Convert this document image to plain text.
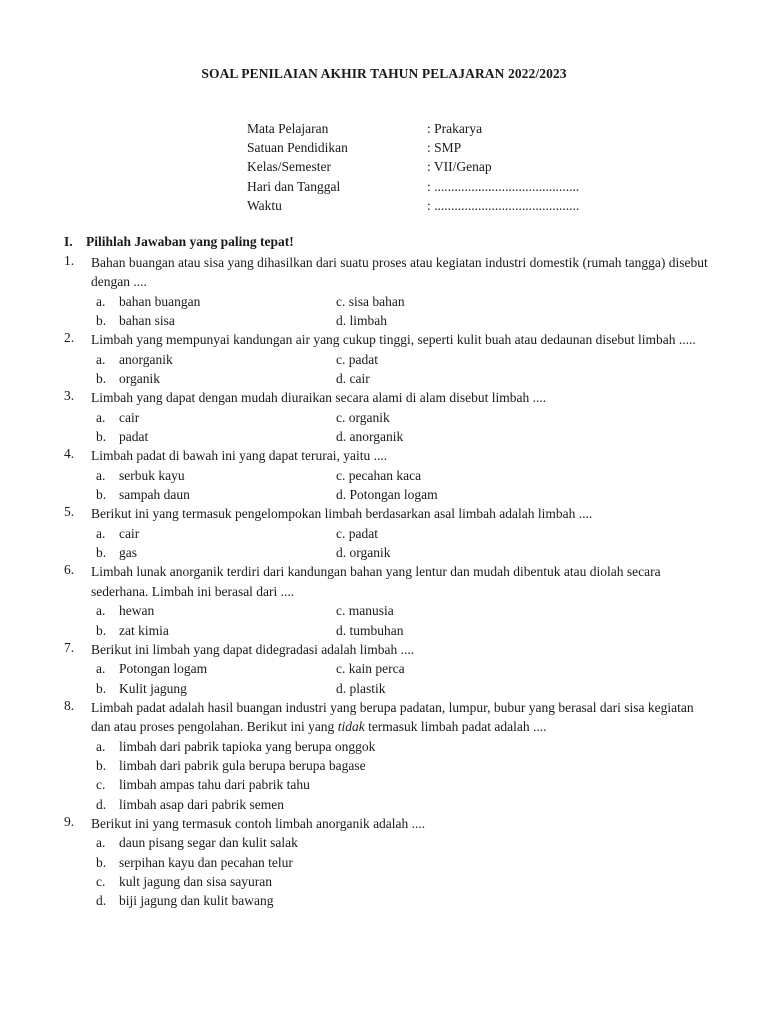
SOAL PENILAIAN AKHIR TAHUN PELAJARAN 2022/2023
Mata Pelajaran	: Prakarya
Satuan Pendidikan	: SMP
Kelas/Semester	: VII/Genap
Hari dan Tanggal	: ...........................................
Waktu	: ...........................................
I. Pilihlah Jawaban yang paling tepat!
1. Bahan buangan atau sisa yang dihasilkan dari suatu proses atau kegiatan industri domestik (rumah tangga) disebut dengan ....
a. bahan buangan	c. sisa bahan
b. bahan sisa	d. limbah
2. Limbah yang mempunyai kandungan air yang cukup tinggi, seperti kulit buah atau dedaunan disebut limbah .....
a. anorganik	c. padat
b. organik	d. cair
3. Limbah yang dapat dengan mudah diuraikan secara alami di alam disebut limbah ....
a. cair	c. organik
b. padat	d. anorganik
4. Limbah padat di bawah ini yang dapat terurai, yaitu ....
a. serbuk kayu	c. pecahan kaca
b. sampah daun	d. Potongan logam
5. Berikut ini yang termasuk pengelompokan limbah berdasarkan asal limbah adalah limbah ....
a. cair	c. padat
b. gas	d. organik
6. Limbah lunak anorganik terdiri dari kandungan bahan yang lentur dan mudah dibentuk atau diolah secara sederhana. Limbah ini berasal dari ....
a. hewan	c. manusia
b. zat kimia	d. tumbuhan
7. Berikut ini limbah yang dapat didegradasi adalah limbah ....
a. Potongan logam	c. kain perca
b. Kulit jagung	d. plastik
8. Limbah padat adalah hasil buangan industri yang berupa padatan, lumpur, bubur yang berasal dari sisa kegiatan dan atau proses pengolahan. Berikut ini yang tidak termasuk limbah padat adalah ....
a. limbah dari pabrik tapioka yang berupa onggok
b. limbah dari pabrik gula berupa berupa bagase
c. limbah ampas tahu dari pabrik tahu
d. limbah asap dari pabrik semen
9. Berikut ini yang termasuk contoh limbah anorganik adalah ....
a. daun pisang segar dan kulit salak
b. serpihan kayu dan pecahan telur
c. kult jagung dan sisa sayuran
d. biji jagung dan kulit bawang
